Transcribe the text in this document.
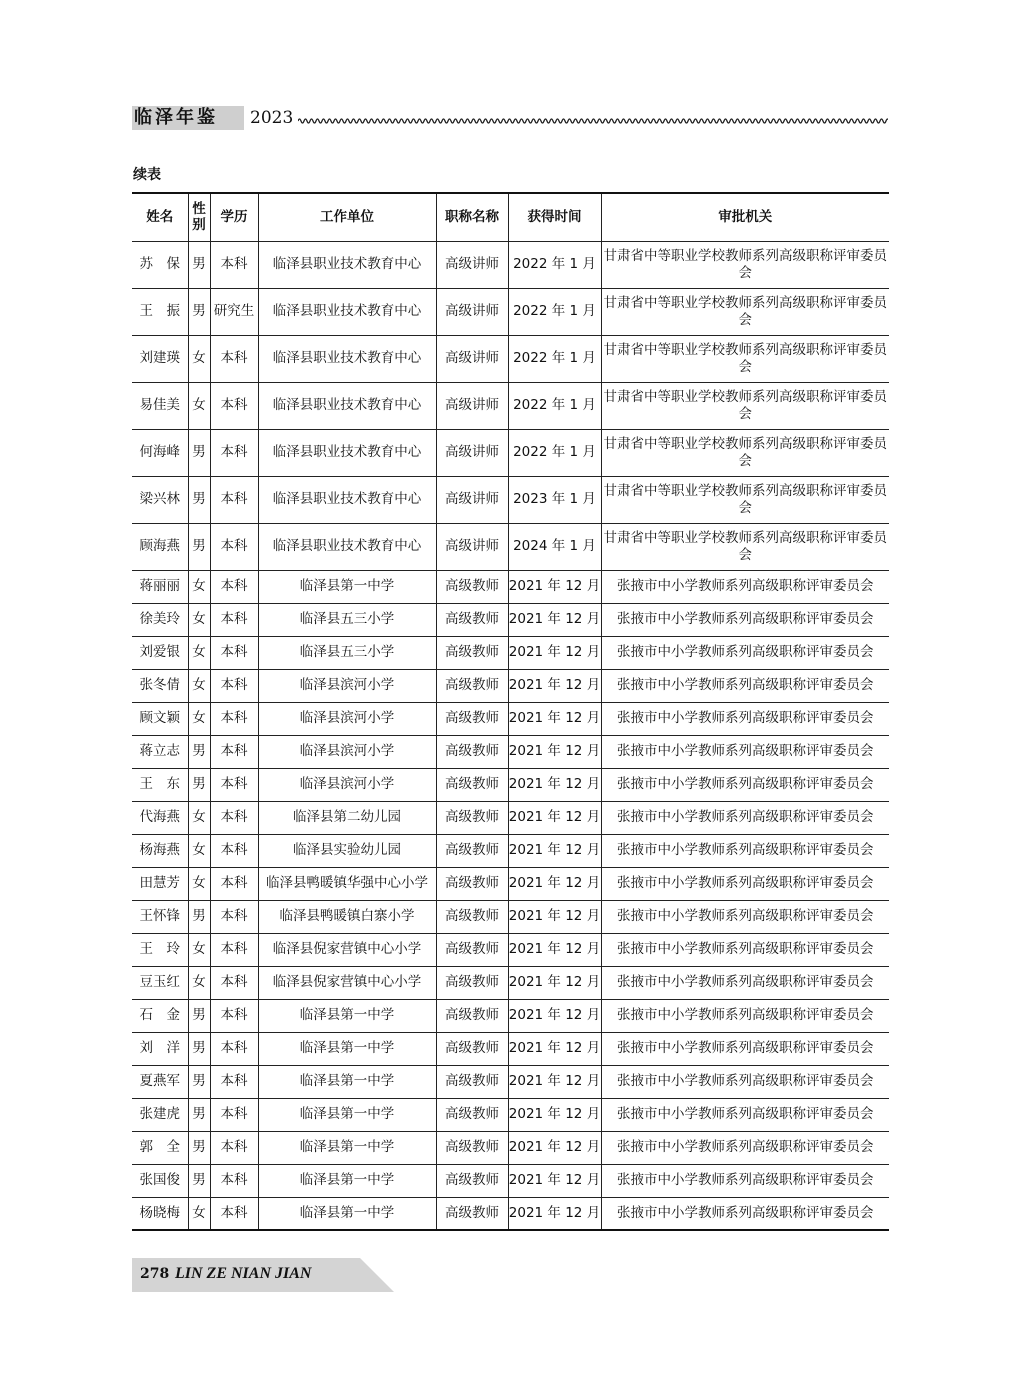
临泽年鉴 2023
续表
姓名	性别	学历	工作单位	职称名称	获得时间	审批机关
苏　保	男	本科	临泽县职业技术教育中心	高级讲师	2022 年 1 月	甘肃省中等职业学校教师系列高级职称评审委员会
王　振	男	研究生	临泽县职业技术教育中心	高级讲师	2022 年 1 月	甘肃省中等职业学校教师系列高级职称评审委员会
刘建瑛	女	本科	临泽县职业技术教育中心	高级讲师	2022 年 1 月	甘肃省中等职业学校教师系列高级职称评审委员会
易佳美	女	本科	临泽县职业技术教育中心	高级讲师	2022 年 1 月	甘肃省中等职业学校教师系列高级职称评审委员会
何海峰	男	本科	临泽县职业技术教育中心	高级讲师	2022 年 1 月	甘肃省中等职业学校教师系列高级职称评审委员会
梁兴林	男	本科	临泽县职业技术教育中心	高级讲师	2023 年 1 月	甘肃省中等职业学校教师系列高级职称评审委员会
顾海燕	男	本科	临泽县职业技术教育中心	高级讲师	2024 年 1 月	甘肃省中等职业学校教师系列高级职称评审委员会
蒋丽丽	女	本科	临泽县第一中学	高级教师	2021 年 12 月	张掖市中小学教师系列高级职称评审委员会
徐美玲	女	本科	临泽县五三小学	高级教师	2021 年 12 月	张掖市中小学教师系列高级职称评审委员会
刘爱银	女	本科	临泽县五三小学	高级教师	2021 年 12 月	张掖市中小学教师系列高级职称评审委员会
张冬倩	女	本科	临泽县滨河小学	高级教师	2021 年 12 月	张掖市中小学教师系列高级职称评审委员会
顾文颖	女	本科	临泽县滨河小学	高级教师	2021 年 12 月	张掖市中小学教师系列高级职称评审委员会
蒋立志	男	本科	临泽县滨河小学	高级教师	2021 年 12 月	张掖市中小学教师系列高级职称评审委员会
王　东	男	本科	临泽县滨河小学	高级教师	2021 年 12 月	张掖市中小学教师系列高级职称评审委员会
代海燕	女	本科	临泽县第二幼儿园	高级教师	2021 年 12 月	张掖市中小学教师系列高级职称评审委员会
杨海燕	女	本科	临泽县实验幼儿园	高级教师	2021 年 12 月	张掖市中小学教师系列高级职称评审委员会
田慧芳	女	本科	临泽县鸭暖镇华强中心小学	高级教师	2021 年 12 月	张掖市中小学教师系列高级职称评审委员会
王怀锋	男	本科	临泽县鸭暖镇白寨小学	高级教师	2021 年 12 月	张掖市中小学教师系列高级职称评审委员会
王　玲	女	本科	临泽县倪家营镇中心小学	高级教师	2021 年 12 月	张掖市中小学教师系列高级职称评审委员会
豆玉红	女	本科	临泽县倪家营镇中心小学	高级教师	2021 年 12 月	张掖市中小学教师系列高级职称评审委员会
石　金	男	本科	临泽县第一中学	高级教师	2021 年 12 月	张掖市中小学教师系列高级职称评审委员会
刘　洋	男	本科	临泽县第一中学	高级教师	2021 年 12 月	张掖市中小学教师系列高级职称评审委员会
夏燕军	男	本科	临泽县第一中学	高级教师	2021 年 12 月	张掖市中小学教师系列高级职称评审委员会
张建虎	男	本科	临泽县第一中学	高级教师	2021 年 12 月	张掖市中小学教师系列高级职称评审委员会
郭　全	男	本科	临泽县第一中学	高级教师	2021 年 12 月	张掖市中小学教师系列高级职称评审委员会
张国俊	男	本科	临泽县第一中学	高级教师	2021 年 12 月	张掖市中小学教师系列高级职称评审委员会
杨晓梅	女	本科	临泽县第一中学	高级教师	2021 年 12 月	张掖市中小学教师系列高级职称评审委员会
278 LIN ZE NIAN JIAN
